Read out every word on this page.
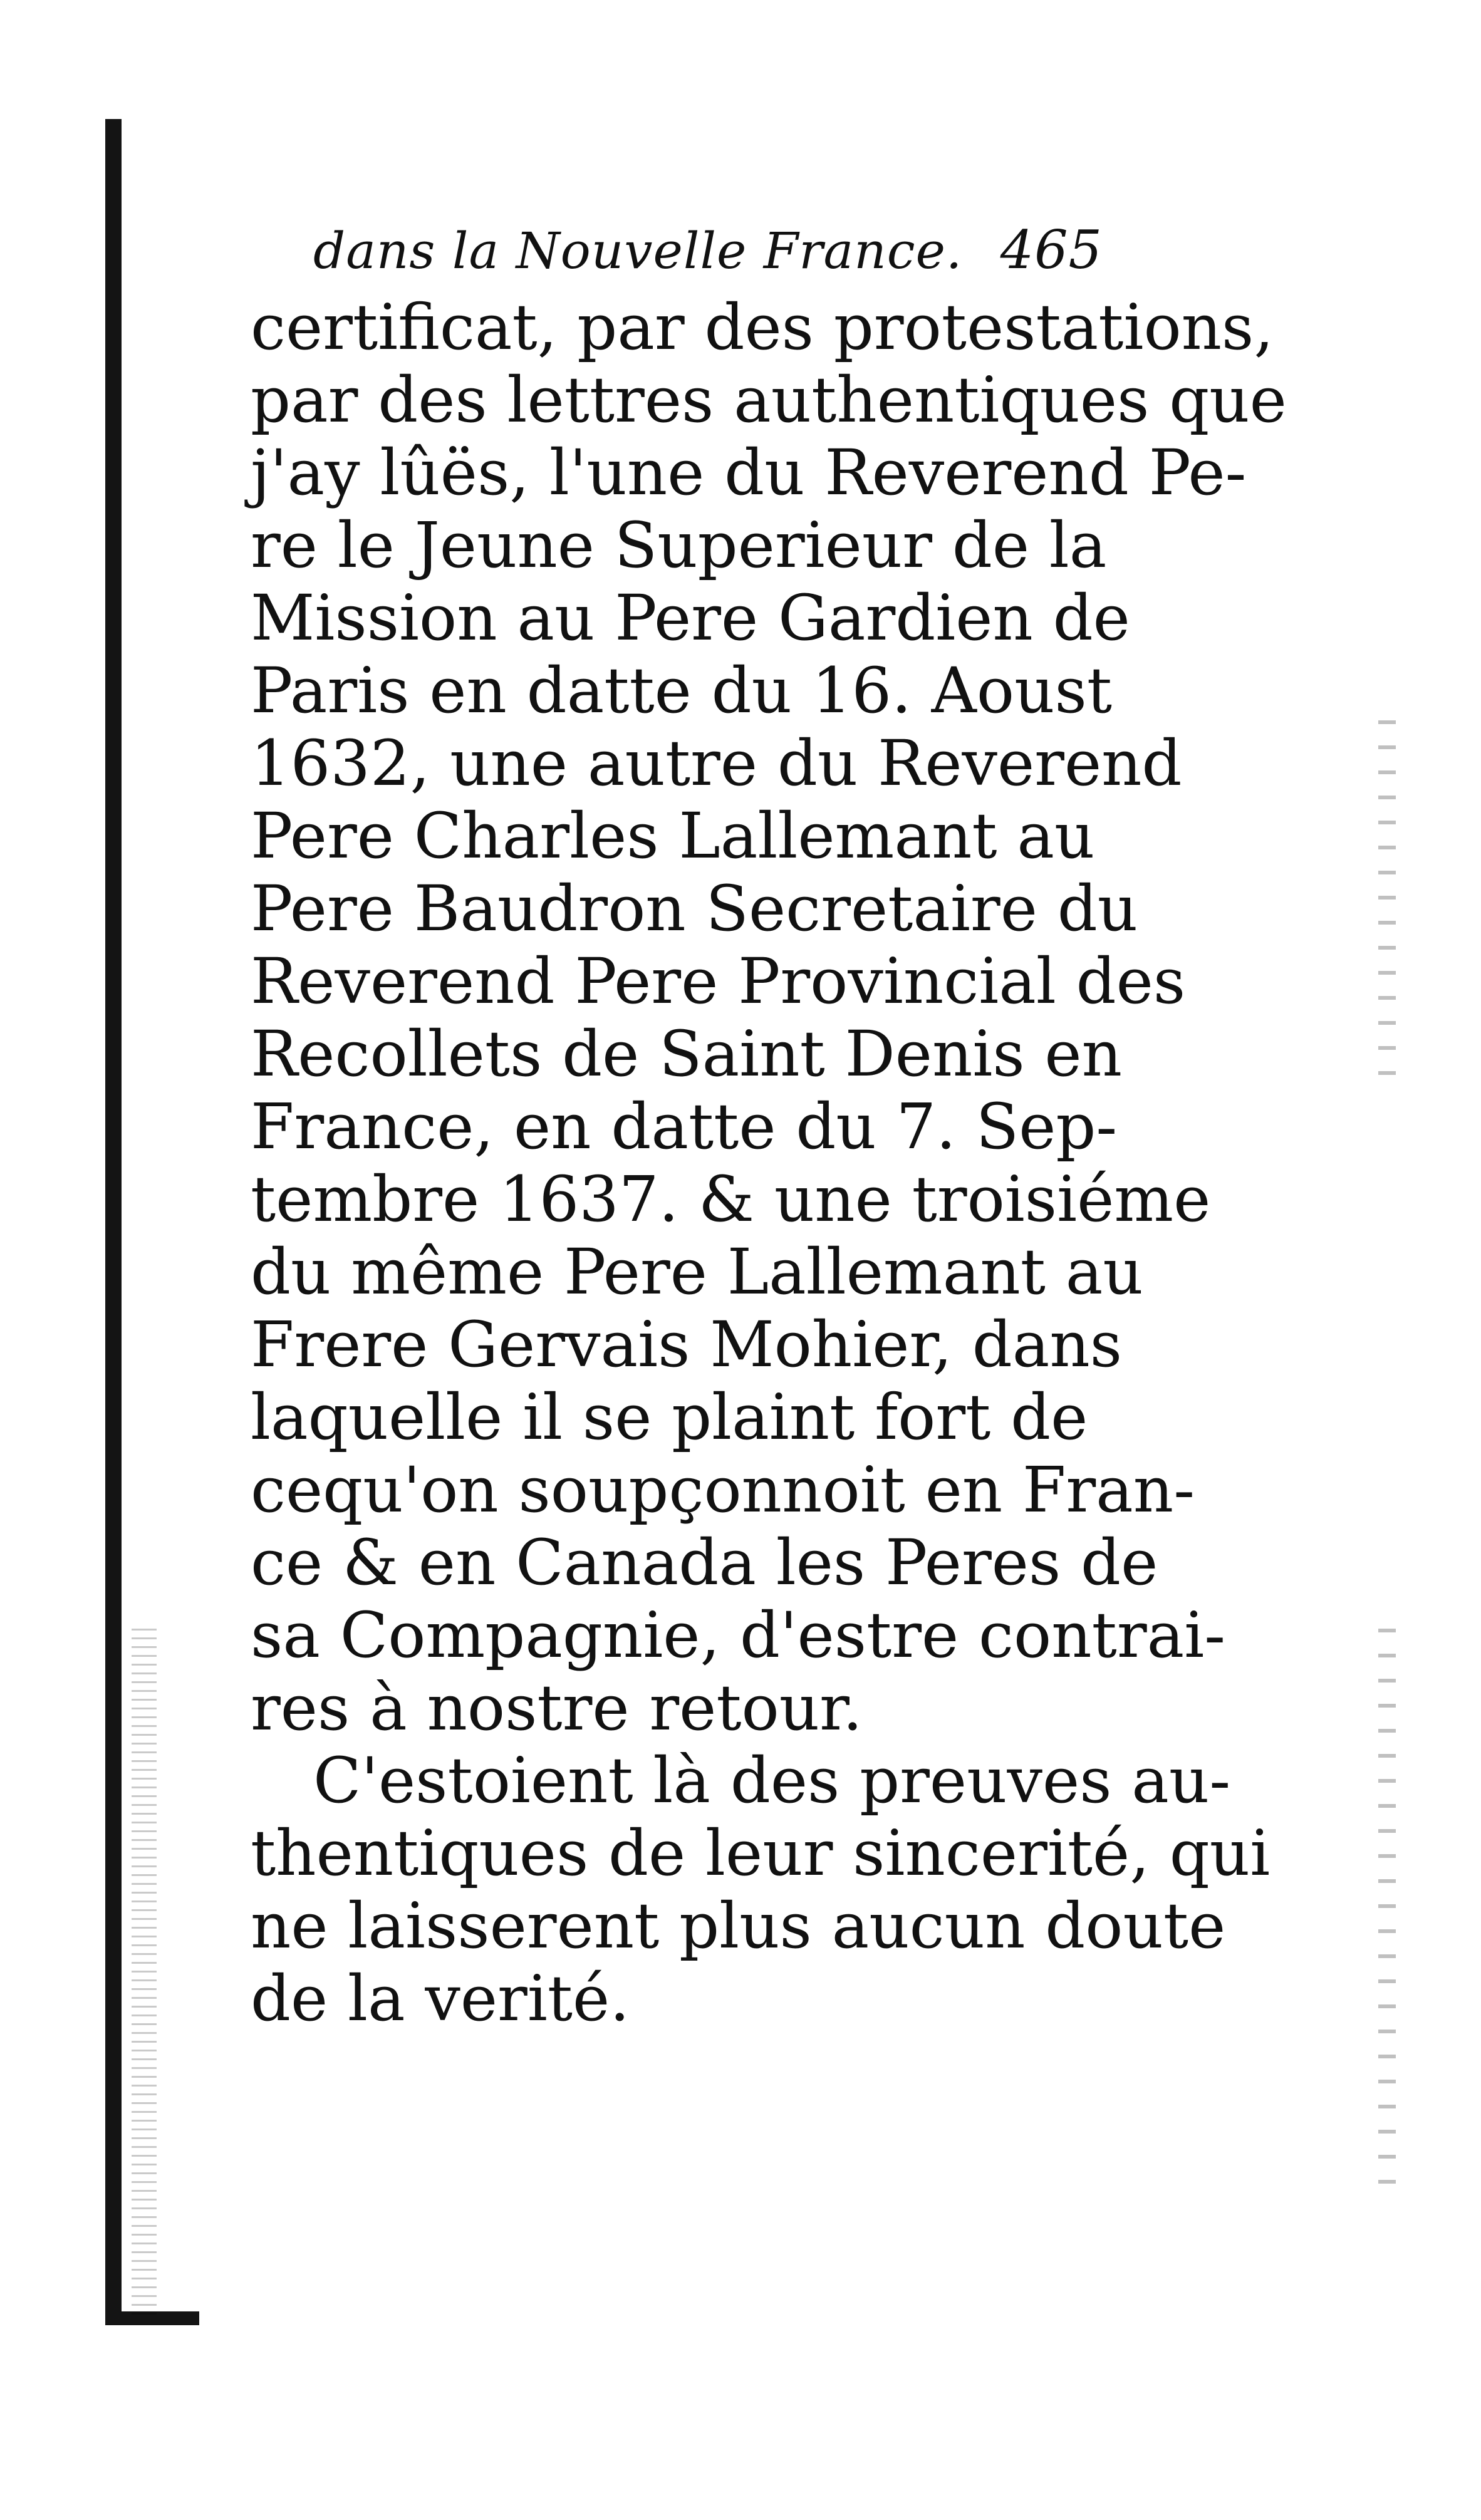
dans la Nouvelle France. 465
certificat, par des protestations,
par des lettres authentiques que
j'ay lûës, l'une du Reverend Pe-
re le Jeune Superieur de la
Mission au Pere Gardien de
Paris en datte du 16. Aoust
1632, une autre du Reverend
Pere Charles Lallemant au
Pere Baudron Secretaire du
Reverend Pere Provincial des
Recollets de Saint Denis en
France, en datte du 7. Sep-
tembre 1637. & une troisiéme
du même Pere Lallemant au
Frere Gervais Mohier, dans
laquelle il se plaint fort de
cequ'on soupçonnoit en Fran-
ce & en Canada les Peres de
sa Compagnie, d'estre contrai-
res à nostre retour.
C'estoient là des preuves au-
thentiques de leur sincerité, qui
ne laisserent plus aucun doute
de la verité.
